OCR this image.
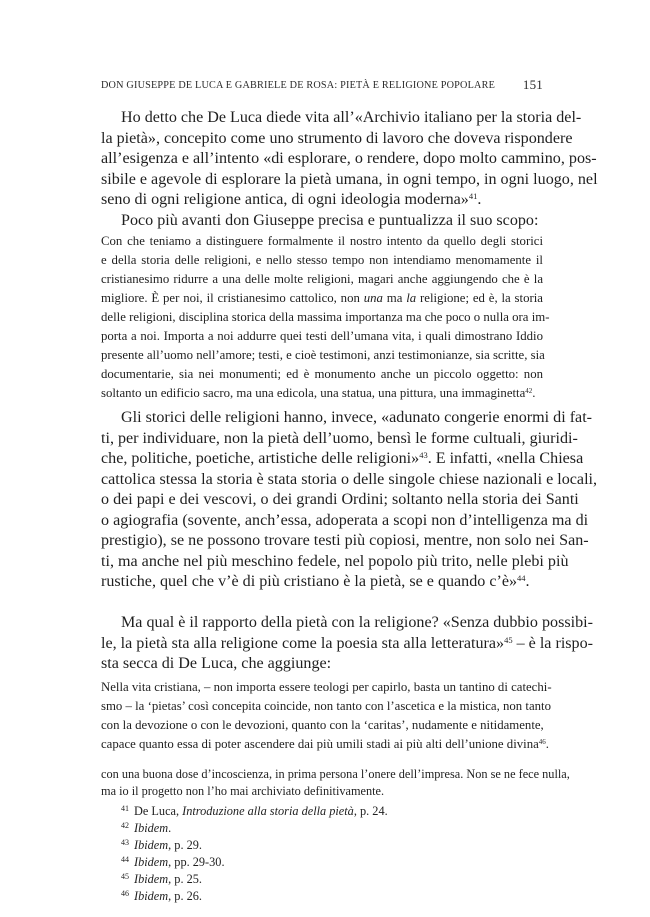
DON GIUSEPPE DE LUCA E GABRIELE DE ROSA: PIETÀ E RELIGIONE POPOLARE 151
Ho detto che De Luca diede vita all’«Archivio italiano per la storia del-
la pietà», concepito come uno strumento di lavoro che doveva rispondere
all’esigenza e all’intento «di esplorare, o rendere, dopo molto cammino, pos-
sibile e agevole di esplorare la pietà umana, in ogni tempo, in ogni luogo, nel
seno di ogni religione antica, di ogni ideologia moderna»$^{41}$.
Poco più avanti don Giuseppe precisa e puntualizza il suo scopo:
Con che teniamo a distinguere formalmente il nostro intento da quello degli storici
e della storia delle religioni, e nello stesso tempo non intendiamo menomamente il
cristianesimo ridurre a una delle molte religioni, magari anche aggiungendo che è la
migliore. È per noi, il cristianesimo cattolico, non una ma la religione; ed è, la storia
delle religioni, disciplina storica della massima importanza ma che poco o nulla ora im-
porta a noi. Importa a noi addurre quei testi dell’umana vita, i quali dimostrano Iddio
presente all’uomo nell’amore; testi, e cioè testimoni, anzi testimonianze, sia scritte, sia
documentarie, sia nei monumenti; ed è monumento anche un piccolo oggetto: non
soltanto un edificio sacro, ma una edicola, una statua, una pittura, una immaginetta$^{42}$.
Gli storici delle religioni hanno, invece, «adunato congerie enormi di fat-
ti, per individuare, non la pietà dell’uomo, bensì le forme cultuali, giuridi-
che, politiche, poetiche, artistiche delle religioni»$^{43}$. E infatti, «nella Chiesa
cattolica stessa la storia è stata storia o delle singole chiese nazionali e locali,
o dei papi e dei vescovi, o dei grandi Ordini; soltanto nella storia dei Santi
o agiografia (sovente, anch’essa, adoperata a scopi non d’intelligenza ma di
prestigio), se ne possono trovare testi più copiosi, mentre, non solo nei San-
ti, ma anche nel più meschino fedele, nel popolo più trito, nelle plebi più
rustiche, quel che v’è di più cristiano è la pietà, se e quando c’è»$^{44}$.
Ma qual è il rapporto della pietà con la religione? «Senza dubbio possibi-
le, la pietà sta alla religione come la poesia sta alla letteratura»$^{45}$ – è la rispo-
sta secca di De Luca, che aggiunge:
Nella vita cristiana, – non importa essere teologi per capirlo, basta un tantino di catechi-
smo – la ‘pietas’ così concepita coincide, non tanto con l’ascetica e la mistica, non tanto
con la devozione o con le devozioni, quanto con la ‘caritas’, nudamente e nitidamente,
capace quanto essa di poter ascendere dai più umili stadi ai più alti dell’unione divina$^{46}$.
con una buona dose d’incoscienza, in prima persona l’onere dell’impresa. Non se ne fece nulla,
ma io il progetto non l’ho mai archiviato definitivamente.
$^{41}$ De Luca, Introduzione alla storia della pietà, p. 24.
$^{42}$ Ibidem.
$^{43}$ Ibidem, p. 29.
$^{44}$ Ibidem, pp. 29-30.
$^{45}$ Ibidem, p. 25.
$^{46}$ Ibidem, p. 26.
